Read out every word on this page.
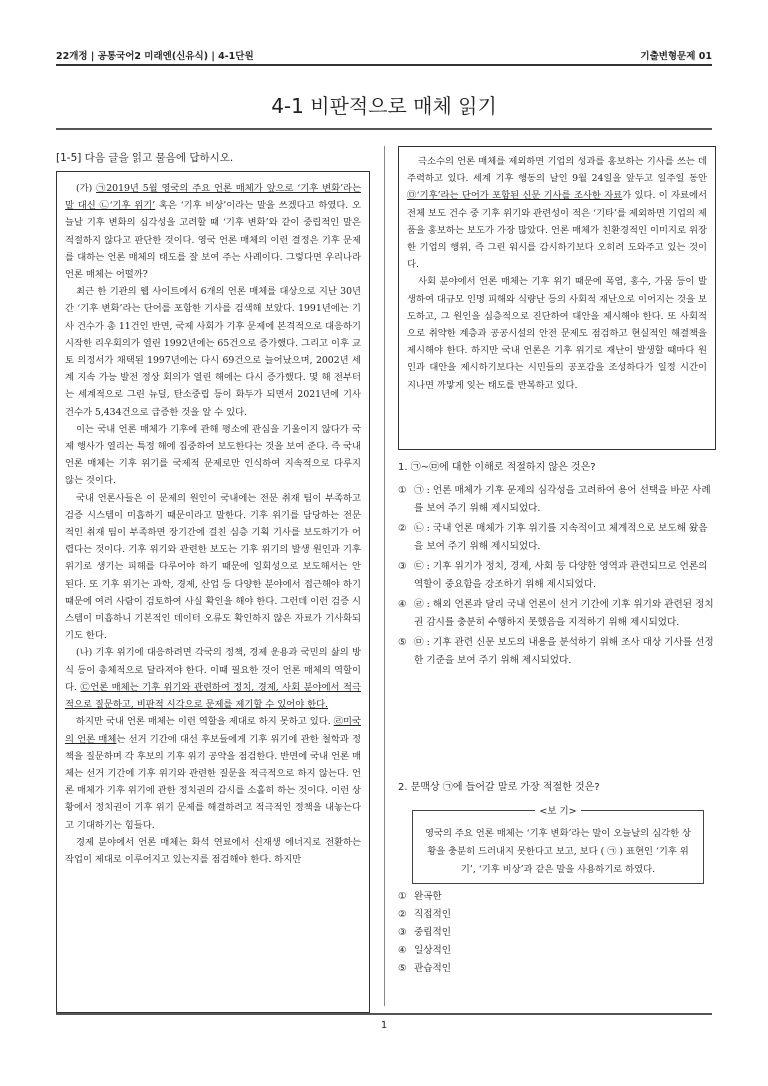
22개정 | 공통국어2 미래엔(신유식) | 4-1단원	기출변형문제 01
4-1 비판적으로 매체 읽기
[1-5] 다음 글을 읽고 물음에 답하시오.

(가) ㉠2019년 5월 영국의 주요 언론 매체가 앞으로 ‘기후 변화’라는 말 대신 ㉡‘기후 위기’ 혹은 ‘기후 비상’이라는 말을 쓰겠다고 하였다. 오늘날 기후 변화의 심각성을 고려할 때 ‘기후 변화’와 같이 중립적인 말은 적절하지 않다고 판단한 것이다. 영국 언론 매체의 이런 결정은 기후 문제를 대하는 언론 매체의 태도를 잘 보여 주는 사례이다. 그렇다면 우리나라 언론 매체는 어떨까?

최근 한 기관의 웹 사이트에서 6개의 언론 매체를 대상으로 지난 30년간 ‘기후 변화’라는 단어를 포함한 기사를 검색해 보았다. 1991년에는 기사 건수가 총 11건인 반면, 국제 사회가 기후 문제에 본격적으로 대응하기 시작한 리우회의가 열린 1992년에는 65건으로 증가했다. 그리고 이후 교토 의정서가 채택된 1997년에는 다시 69건으로 늘어났으며, 2002년 세계 지속 가능 발전 정상 회의가 열린 해에는 다시 증가했다. 몇 해 전부터는 세계적으로 그린 뉴딜, 탄소중립 등이 화두가 되면서 2021년에 기사 건수가 5,434건으로 급증한 것을 알 수 있다.

이는 국내 언론 매체가 기후에 관해 평소에 관심을 기울이지 않다가 국제 행사가 열리는 특정 해에 집중하여 보도한다는 것을 보여 준다. 즉 국내 언론 매체는 기후 위기를 국제적 문제로만 인식하여 지속적으로 다루지 않는 것이다.

국내 언론사들은 이 문제의 원인이 국내에는 전문 취재 팀이 부족하고 검증 시스템이 미흡하기 때문이라고 말한다. 기후 위기를 담당하는 전문적인 취재 팀이 부족하면 장기간에 걸친 심층 기획 기사를 보도하기가 어렵다는 것이다. 기후 위기와 관련한 보도는 기후 위기의 발생 원인과 기후 위기로 생기는 피해를 다루어야 하기 때문에 일회성으로 보도해서는 안 된다. 또 기후 위기는 과학, 경제, 산업 등 다양한 분야에서 접근해야 하기 때문에 여러 사람이 검토하여 사실 확인을 해야 한다. 그런데 이런 검증 시스템이 미흡하니 기본적인 데이터 오류도 확인하지 않은 자료가 기사화되기도 한다.

(나) 기후 위기에 대응하려면 각국의 정책, 경제 운용과 국민의 삶의 방식 등이 총체적으로 달라져야 한다. 이때 필요한 것이 언론 매체의 역할이다. ㉢언론 매체는 기후 위기와 관련하여 정치, 경제, 사회 분야에서 적극적으로 질문하고, 비판적 시각으로 문제를 제기할 수 있어야 한다.

하지만 국내 언론 매체는 이런 역할을 제대로 하지 못하고 있다. ㉣미국의 언론 매체는 선거 기간에 대선 후보들에게 기후 위기에 관한 철학과 정책을 질문하며 각 후보의 기후 위기 공약을 점검한다. 반면에 국내 언론 매체는 선거 기간에 기후 위기와 관련한 질문을 적극적으로 하지 않는다. 언론 매체가 기후 위기에 관한 정치권의 감시를 소홀히 하는 것이다. 이런 상황에서 정치권이 기후 위기 문제를 해결하려고 적극적인 정책을 내놓는다고 기대하기는 힘들다.

경제 분야에서 언론 매체는 화석 연료에서 신재생 에너지로 전환하는 작업이 제대로 이루어지고 있는지를 점검해야 한다. 하지만

극소수의 언론 매체를 제외하면 기업의 성과를 홍보하는 기사를 쓰는 데 주력하고 있다. 세계 기후 행동의 날인 9월 24일을 앞두고 일주일 동안 ㉤‘기후’라는 단어가 포함된 신문 기사를 조사한 자료가 있다. 이 자료에서 전체 보도 건수 중 기후 위기와 관련성이 적은 ‘기타’를 제외하면 기업의 제품을 홍보하는 보도가 가장 많았다. 언론 매체가 친환경적인 이미지로 위장한 기업의 행위, 즉 그린 워시를 감시하기보다 오히려 도와주고 있는 것이다.

사회 분야에서 언론 매체는 기후 위기 때문에 폭염, 홍수, 가뭄 등이 발생하여 대규모 인명 피해와 식량난 등의 사회적 재난으로 이어지는 것을 보도하고, 그 원인을 심층적으로 진단하여 대안을 제시해야 한다. 또 사회적으로 취약한 계층과 공공시설의 안전 문제도 점검하고 현실적인 해결책을 제시해야 한다. 하지만 국내 언론은 기후 위기로 재난이 발생할 때마다 원인과 대안을 제시하기보다는 시민들의 공포감을 조성하다가 일정 시간이 지나면 까맣게 잊는 태도를 반복하고 있다.

1. ㉠~㉤에 대한 이해로 적절하지 않은 것은?
① ㉠ : 언론 매체가 기후 문제의 심각성을 고려하여 용어 선택을 바꾼 사례를 보여 주기 위해 제시되었다.
② ㉡ : 국내 언론 매체가 기후 위기를 지속적이고 체계적으로 보도해 왔음을 보여 주기 위해 제시되었다.
③ ㉢ : 기후 위기가 정치, 경제, 사회 등 다양한 영역과 관련되므로 언론의 역할이 중요함을 강조하기 위해 제시되었다.
④ ㉣ : 해외 언론과 달리 국내 언론이 선거 기간에 기후 위기와 관련된 정치권 감시를 충분히 수행하지 못했음을 지적하기 위해 제시되었다.
⑤ ㉤ : 기후 관련 신문 보도의 내용을 분석하기 위해 조사 대상 기사를 선정한 기준을 보여 주기 위해 제시되었다.
2. 문맥상 ㉠에 들어갈 말로 가장 적절한 것은?
<보 기>
영국의 주요 언론 매체는 ‘기후 변화’라는 말이 오늘날의 심각한 상황을 충분히 드러내지 못한다고 보고, 보다 ( ㉠ ) 표현인 ‘기후 위기’, ‘기후 비상’과 같은 말을 사용하기로 하였다.
① 완곡한
② 직접적인
③ 중립적인
④ 일상적인
⑤ 관습적인
1
